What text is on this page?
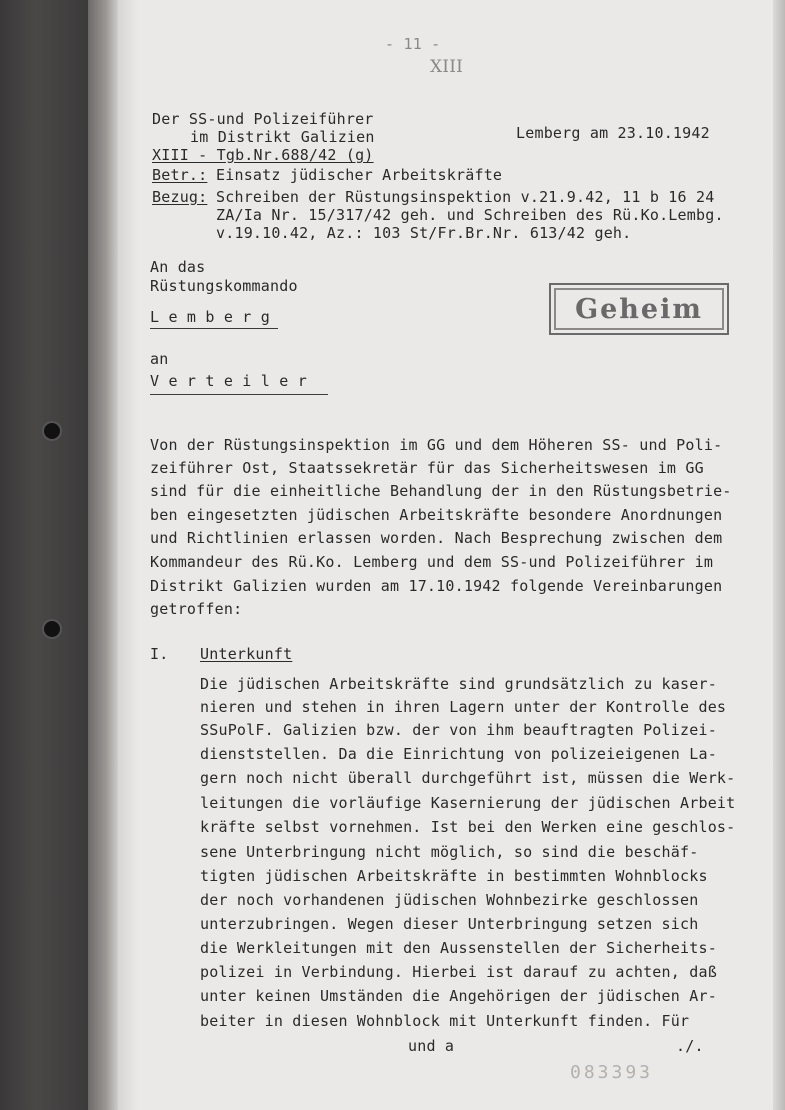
- 11 -
XIII
Der SS-und Polizeiführer
im Distrikt Galizien	Lemberg am 23.10.1942
XIII - Tgb.Nr.688/42 (g)
Betr.: Einsatz jüdischer Arbeitskräfte
Bezug: Schreiben der Rüstungsinspektion v.21.9.42, 11 b 16 24
ZA/Ia Nr. 15/317/42 geh. und Schreiben des Rü.Ko.Lembg.
v.19.10.42, Az.: 103 St/Fr.Br.Nr. 613/42 geh.
An das
Rüstungskommando
L e m b e r g	Geheim
an
V e r t e i l e r
Von der Rüstungsinspektion im GG und dem Höheren SS- und Poli-
zeiführer Ost, Staatssekretär für das Sicherheitswesen im GG
sind für die einheitliche Behandlung der in den Rüstungsbetrie-
ben eingesetzten jüdischen Arbeitskräfte besondere Anordnungen
und Richtlinien erlassen worden. Nach Besprechung zwischen dem
Kommandeur des Rü.Ko. Lemberg und dem SS-und Polizeiführer im
Distrikt Galizien wurden am 17.10.1942 folgende Vereinbarungen
getroffen:
I. Unterkunft
Die jüdischen Arbeitskräfte sind grundsätzlich zu kaser-
nieren und stehen in ihren Lagern unter der Kontrolle des
SSuPolF. Galizien bzw. der von ihm beauftragten Polizei-
dienststellen. Da die Einrichtung von polizeieigenen La-
gern noch nicht überall durchgeführt ist, müssen die Werk-
leitungen die vorläufige Kasernierung der jüdischen Arbeit
kräfte selbst vornehmen. Ist bei den Werken eine geschlos-
sene Unterbringung nicht möglich, so sind die beschäf-
tigten jüdischen Arbeitskräfte in bestimmten Wohnblocks
der noch vorhandenen jüdischen Wohnbezirke geschlossen
unterzubringen. Wegen dieser Unterbringung setzen sich
die Werkleitungen mit den Aussenstellen der Sicherheits-
polizei in Verbindung. Hierbei ist darauf zu achten, daß
unter keinen Umständen die Angehörigen der jüdischen Ar-
beiter in diesen Wohnblock mit Unterkunft finden. Für
und a	./.
083393
